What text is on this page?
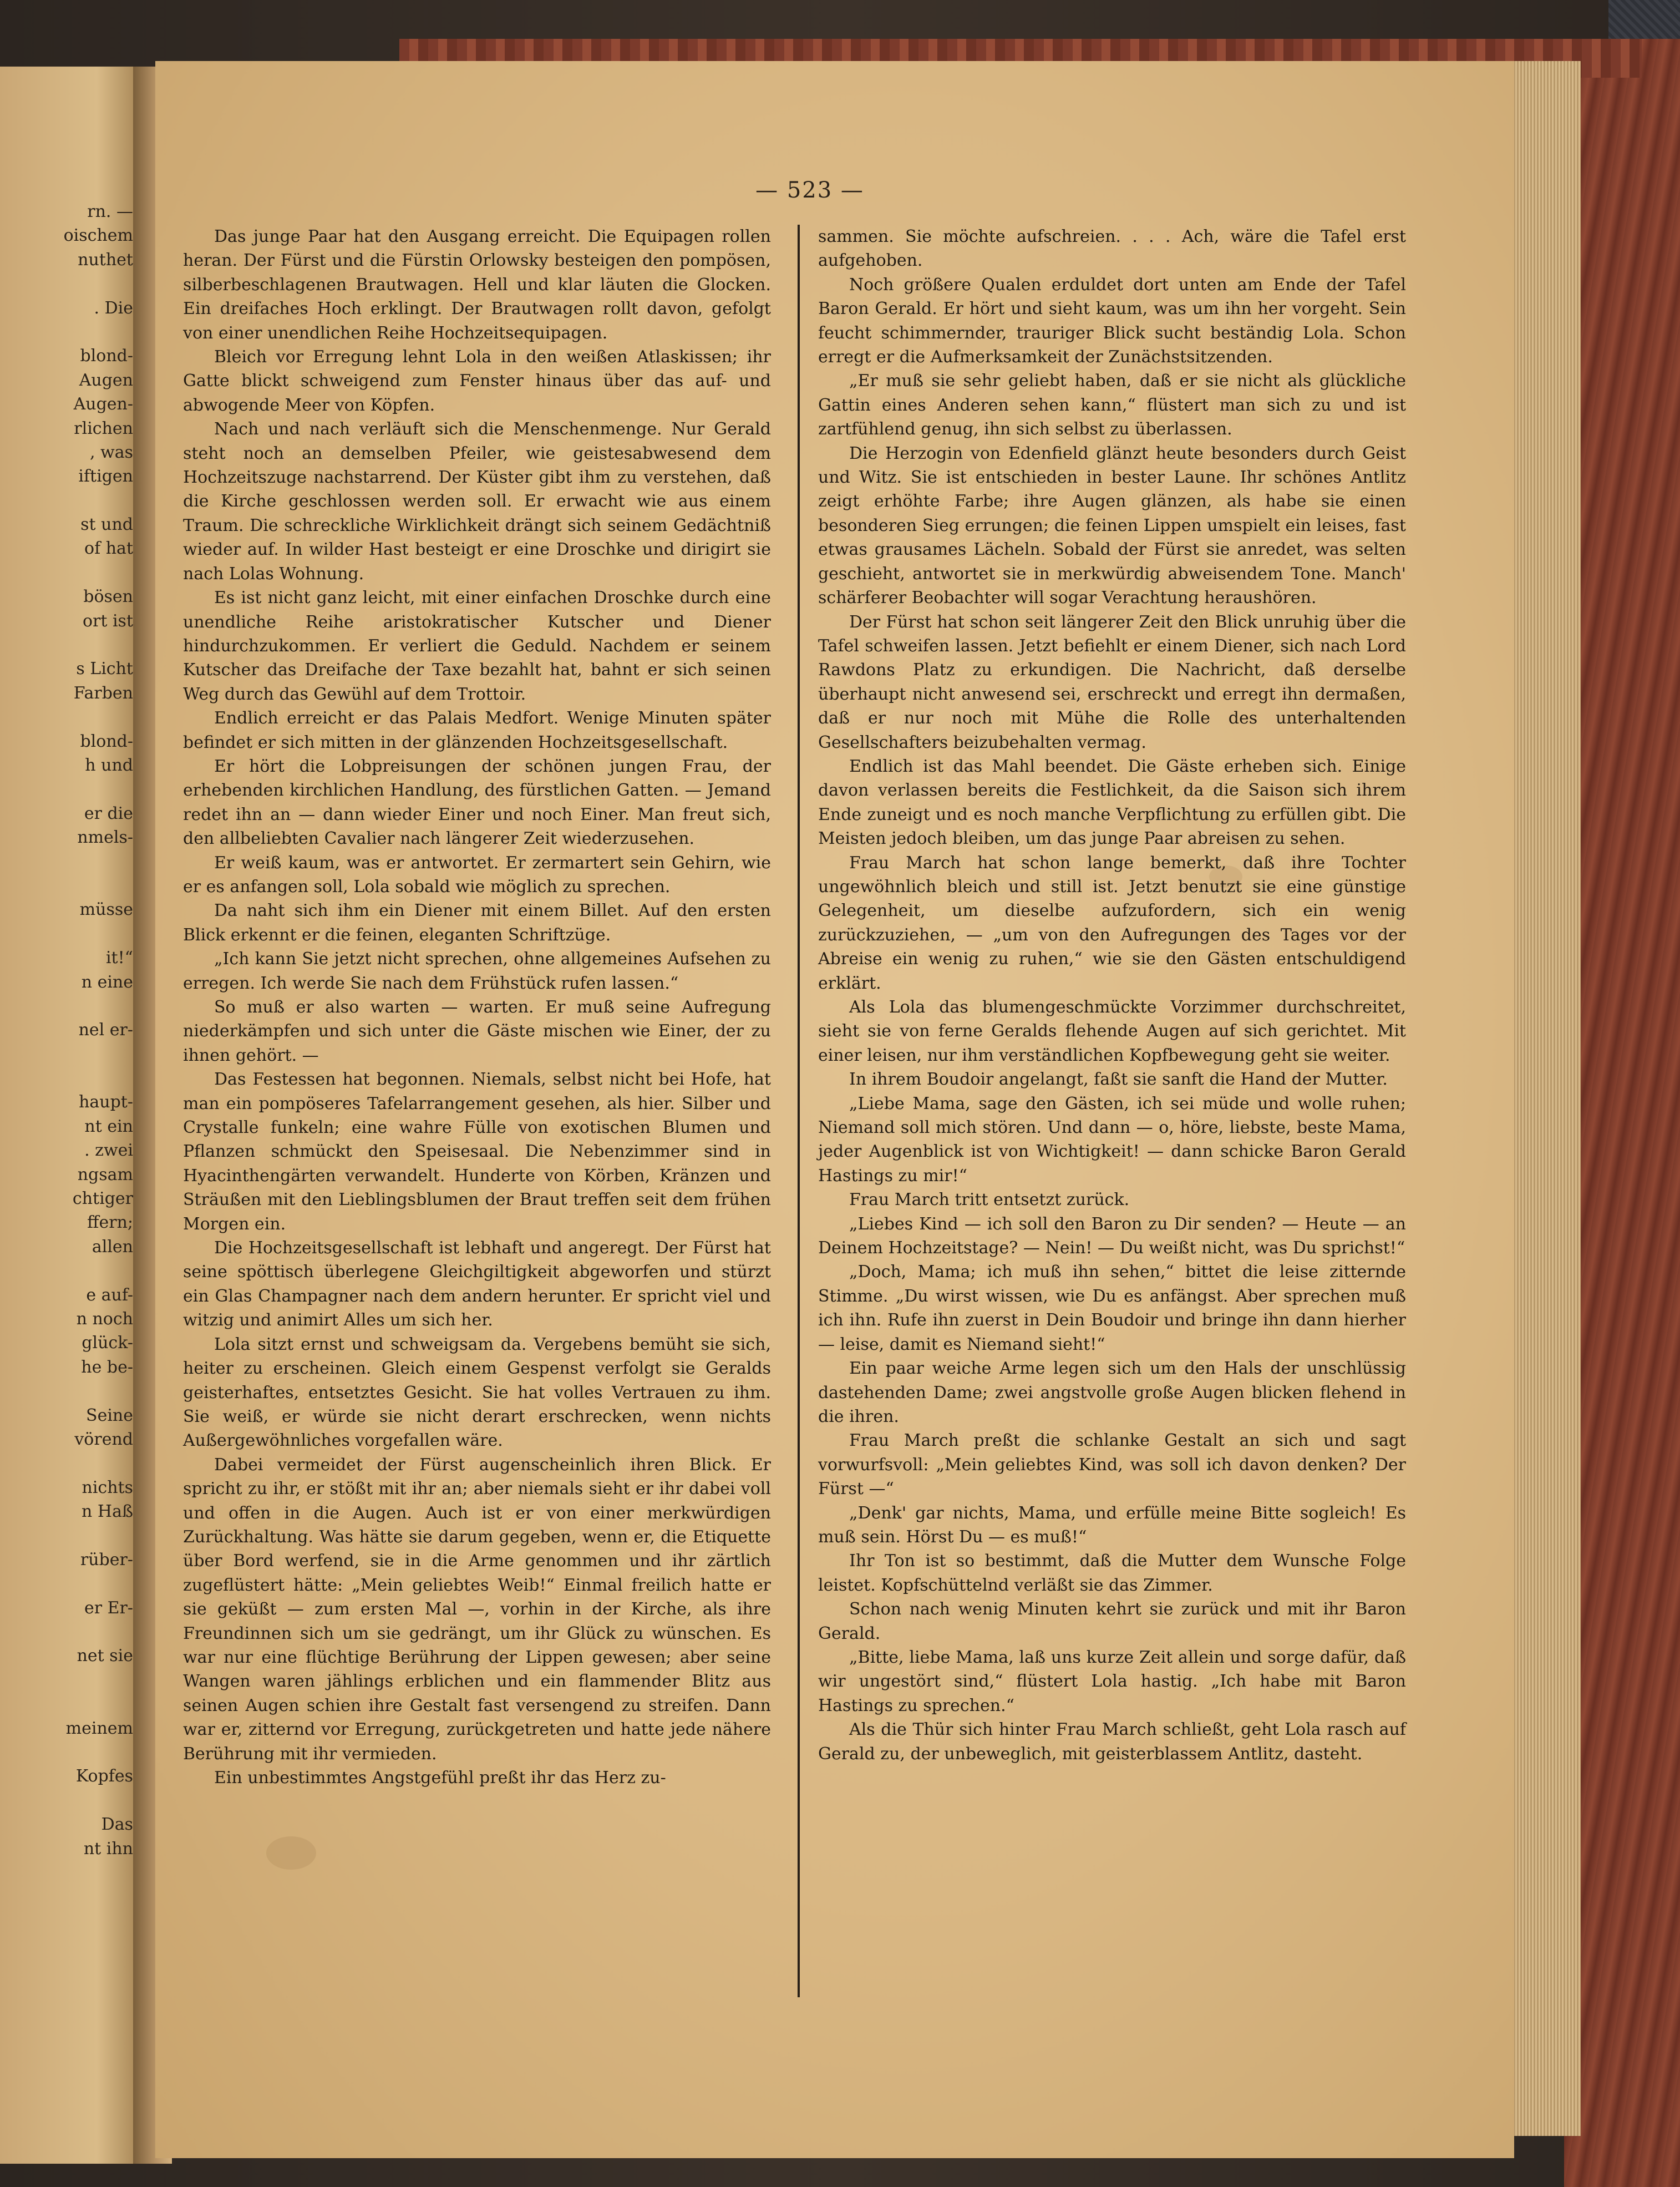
rn. —
oischem
nuthet
. Die
blond-
Augen
Augen-
rlichen
, was
iftigen
st und
of hat
bösen
ort ist
s Licht
Farben
blond-
h und
er die
nmels-
müsse
it!“
n eine
nel er-
haupt-
nt ein
. zwei
ngsam
chtiger
ffern;
allen
e auf-
n noch
glück-
he be-
Seine
vörend
nichts
n Haß
rüber-
er Er-
net sie
meinem
Kopfes
Das
nt ihn
— 523 —

Das junge Paar hat den Ausgang erreicht. Die Equipagen rollen heran. Der Fürst und die Fürstin Orlowsky besteigen den pompösen, silberbeschlagenen Brautwagen. Hell und klar läuten die Glocken. Ein dreifaches Hoch erklingt. Der Brautwagen rollt davon, gefolgt von einer unendlichen Reihe Hochzeitsequipagen.

Bleich vor Erregung lehnt Lola in den weißen Atlaskissen; ihr Gatte blickt schweigend zum Fenster hinaus über das auf- und abwogende Meer von Köpfen.

Nach und nach verläuft sich die Menschenmenge. Nur Gerald steht noch an demselben Pfeiler, wie geistesabwesend dem Hochzeitszuge nachstarrend. Der Küster gibt ihm zu verstehen, daß die Kirche geschlossen werden soll. Er erwacht wie aus einem Traum. Die schreckliche Wirklichkeit drängt sich seinem Gedächtniß wieder auf. In wilder Hast besteigt er eine Droschke und dirigirt sie nach Lolas Wohnung.

Es ist nicht ganz leicht, mit einer einfachen Droschke durch eine unendliche Reihe aristokratischer Kutscher und Diener hindurchzukommen. Er verliert die Geduld. Nachdem er seinem Kutscher das Dreifache der Taxe bezahlt hat, bahnt er sich seinen Weg durch das Gewühl auf dem Trottoir.

Endlich erreicht er das Palais Medfort. Wenige Minuten später befindet er sich mitten in der glänzenden Hochzeitsgesellschaft.

Er hört die Lobpreisungen der schönen jungen Frau, der erhebenden kirchlichen Handlung, des fürstlichen Gatten. — Jemand redet ihn an — dann wieder Einer und noch Einer. Man freut sich, den allbeliebten Cavalier nach längerer Zeit wiederzusehen.

Er weiß kaum, was er antwortet. Er zermartert sein Gehirn, wie er es anfangen soll, Lola sobald wie möglich zu sprechen.

Da naht sich ihm ein Diener mit einem Billet. Auf den ersten Blick erkennt er die feinen, eleganten Schriftzüge.

„Ich kann Sie jetzt nicht sprechen, ohne allgemeines Aufsehen zu erregen. Ich werde Sie nach dem Frühstück rufen lassen.“

So muß er also warten — warten. Er muß seine Aufregung niederkämpfen und sich unter die Gäste mischen wie Einer, der zu ihnen gehört. —

Das Festessen hat begonnen. Niemals, selbst nicht bei Hofe, hat man ein pompöseres Tafelarrangement gesehen, als hier. Silber und Crystalle funkeln; eine wahre Fülle von exotischen Blumen und Pflanzen schmückt den Speisesaal. Die Nebenzimmer sind in Hyacinthengärten verwandelt. Hunderte von Körben, Kränzen und Sträußen mit den Lieblingsblumen der Braut treffen seit dem frühen Morgen ein.

Die Hochzeitsgesellschaft ist lebhaft und angeregt. Der Fürst hat seine spöttisch überlegene Gleichgiltigkeit abgeworfen und stürzt ein Glas Champagner nach dem andern herunter. Er spricht viel und witzig und animirt Alles um sich her.

Lola sitzt ernst und schweigsam da. Vergebens bemüht sie sich, heiter zu erscheinen. Gleich einem Gespenst verfolgt sie Geralds geisterhaftes, entsetztes Gesicht. Sie hat volles Vertrauen zu ihm. Sie weiß, er würde sie nicht derart erschrecken, wenn nichts Außergewöhnliches vorgefallen wäre.

Dabei vermeidet der Fürst augenscheinlich ihren Blick. Er spricht zu ihr, er stößt mit ihr an; aber niemals sieht er ihr dabei voll und offen in die Augen. Auch ist er von einer merkwürdigen Zurückhaltung. Was hätte sie darum gegeben, wenn er, die Etiquette über Bord werfend, sie in die Arme genommen und ihr zärtlich zugeflüstert hätte: „Mein geliebtes Weib!“ Einmal freilich hatte er sie geküßt — zum ersten Mal —, vorhin in der Kirche, als ihre Freundinnen sich um sie gedrängt, um ihr Glück zu wünschen. Es war nur eine flüchtige Berührung der Lippen gewesen; aber seine Wangen waren jählings erblichen und ein flammender Blitz aus seinen Augen schien ihre Gestalt fast versengend zu streifen. Dann war er, zitternd vor Erregung, zurückgetreten und hatte jede nähere Berührung mit ihr vermieden.

Ein unbestimmtes Angstgefühl preßt ihr das Herz zu-

sammen. Sie möchte aufschreien. . . . Ach, wäre die Tafel erst aufgehoben.

Noch größere Qualen erduldet dort unten am Ende der Tafel Baron Gerald. Er hört und sieht kaum, was um ihn her vorgeht. Sein feucht schimmernder, trauriger Blick sucht beständig Lola. Schon erregt er die Aufmerksamkeit der Zunächstsitzenden.

„Er muß sie sehr geliebt haben, daß er sie nicht als glückliche Gattin eines Anderen sehen kann,“ flüstert man sich zu und ist zartfühlend genug, ihn sich selbst zu überlassen.

Die Herzogin von Edenfield glänzt heute besonders durch Geist und Witz. Sie ist entschieden in bester Laune. Ihr schönes Antlitz zeigt erhöhte Farbe; ihre Augen glänzen, als habe sie einen besonderen Sieg errungen; die feinen Lippen umspielt ein leises, fast etwas grausames Lächeln. Sobald der Fürst sie anredet, was selten geschieht, antwortet sie in merkwürdig abweisendem Tone. Manch' schärferer Beobachter will sogar Verachtung heraushören.

Der Fürst hat schon seit längerer Zeit den Blick unruhig über die Tafel schweifen lassen. Jetzt befiehlt er einem Diener, sich nach Lord Rawdons Platz zu erkundigen. Die Nachricht, daß derselbe überhaupt nicht anwesend sei, erschreckt und erregt ihn dermaßen, daß er nur noch mit Mühe die Rolle des unterhaltenden Gesellschafters beizubehalten vermag.

Endlich ist das Mahl beendet. Die Gäste erheben sich. Einige davon verlassen bereits die Festlichkeit, da die Saison sich ihrem Ende zuneigt und es noch manche Verpflichtung zu erfüllen gibt. Die Meisten jedoch bleiben, um das junge Paar abreisen zu sehen.

Frau March hat schon lange bemerkt, daß ihre Tochter ungewöhnlich bleich und still ist. Jetzt benutzt sie eine günstige Gelegenheit, um dieselbe aufzufordern, sich ein wenig zurückzuziehen, — „um von den Aufregungen des Tages vor der Abreise ein wenig zu ruhen,“ wie sie den Gästen entschuldigend erklärt.

Als Lola das blumengeschmückte Vorzimmer durchschreitet, sieht sie von ferne Geralds flehende Augen auf sich gerichtet. Mit einer leisen, nur ihm verständlichen Kopfbewegung geht sie weiter.

In ihrem Boudoir angelangt, faßt sie sanft die Hand der Mutter.

„Liebe Mama, sage den Gästen, ich sei müde und wolle ruhen; Niemand soll mich stören. Und dann — o, höre, liebste, beste Mama, jeder Augenblick ist von Wichtigkeit! — dann schicke Baron Gerald Hastings zu mir!“

Frau March tritt entsetzt zurück.

„Liebes Kind — ich soll den Baron zu Dir senden? — Heute — an Deinem Hochzeitstage? — Nein! — Du weißt nicht, was Du sprichst!“

„Doch, Mama; ich muß ihn sehen,“ bittet die leise zitternde Stimme. „Du wirst wissen, wie Du es anfängst. Aber sprechen muß ich ihn. Rufe ihn zuerst in Dein Boudoir und bringe ihn dann hierher — leise, damit es Niemand sieht!“

Ein paar weiche Arme legen sich um den Hals der unschlüssig dastehenden Dame; zwei angstvolle große Augen blicken flehend in die ihren.

Frau March preßt die schlanke Gestalt an sich und sagt vorwurfsvoll: „Mein geliebtes Kind, was soll ich davon denken? Der Fürst —“

„Denk' gar nichts, Mama, und erfülle meine Bitte sogleich! Es muß sein. Hörst Du — es muß!“

Ihr Ton ist so bestimmt, daß die Mutter dem Wunsche Folge leistet. Kopfschüttelnd verläßt sie das Zimmer.

Schon nach wenig Minuten kehrt sie zurück und mit ihr Baron Gerald.

„Bitte, liebe Mama, laß uns kurze Zeit allein und sorge dafür, daß wir ungestört sind,“ flüstert Lola hastig. „Ich habe mit Baron Hastings zu sprechen.“

Als die Thür sich hinter Frau March schließt, geht Lola rasch auf Gerald zu, der unbeweglich, mit geisterblassem Antlitz, dasteht.
